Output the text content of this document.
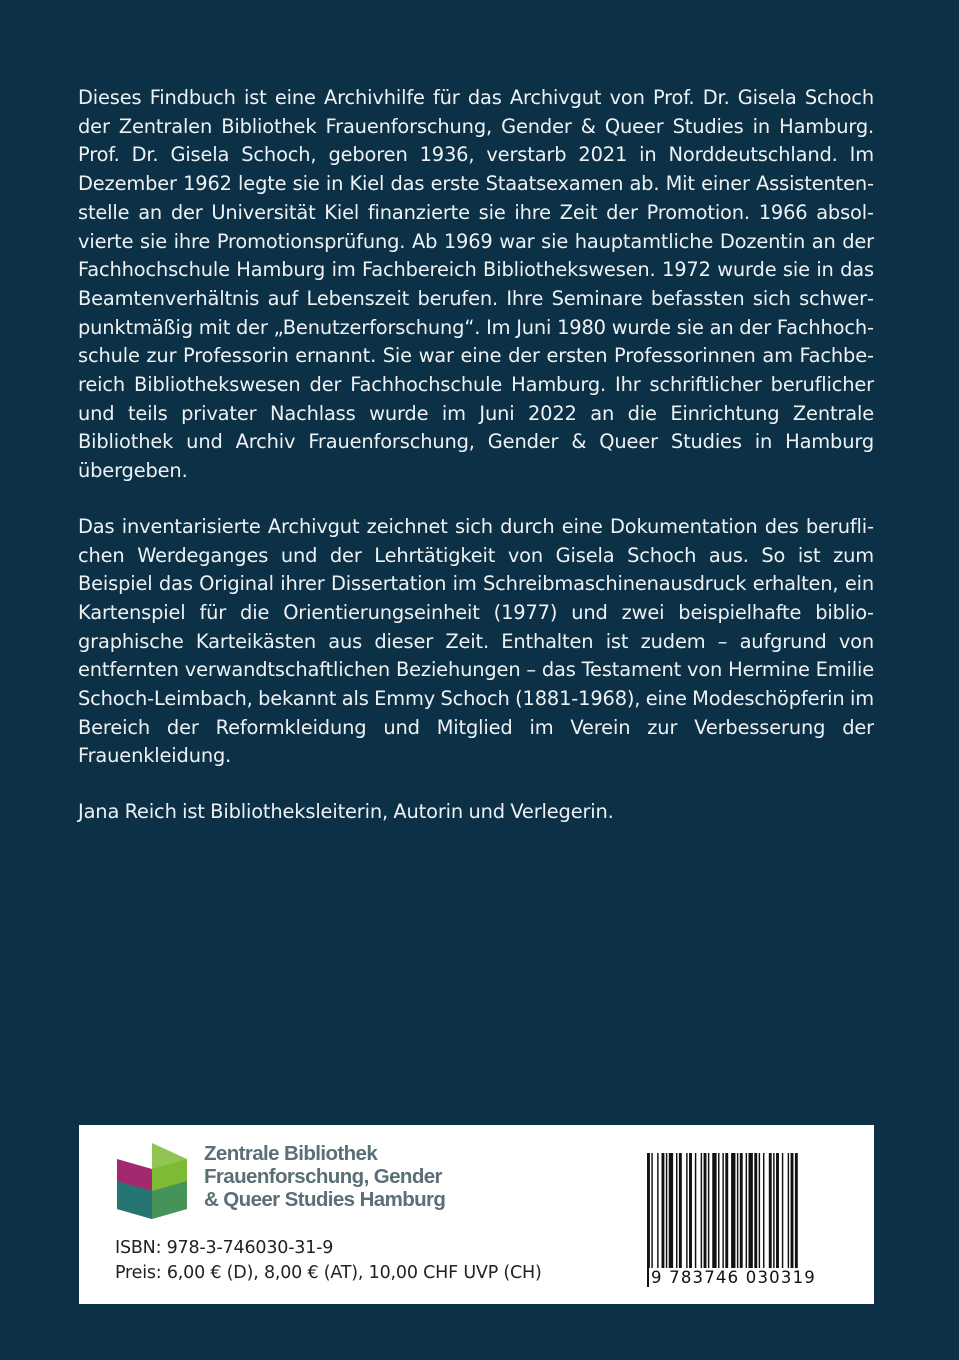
Dieses Findbuch ist eine Archivhilfe für das Archivgut von Prof. Dr. Gisela Schoch der Zentralen Bibliothek Frauenforschung, Gender & Queer Studies in Hamburg. Prof. Dr. Gisela Schoch, geboren 1936, verstarb 2021 in Norddeutschland. Im Dezember 1962 legte sie in Kiel das erste Staatsexamen ab. Mit einer Assistentenstelle an der Universität Kiel finanzierte sie ihre Zeit der Promotion. 1966 absolvierte sie ihre Promotionsprüfung. Ab 1969 war sie hauptamtliche Dozentin an der Fachhochschule Hamburg im Fachbereich Bibliothekswesen. 1972 wurde sie in das Beamtenverhältnis auf Lebenszeit berufen. Ihre Seminare befassten sich schwerpunktmäßig mit der „Benutzerforschung“. Im Juni 1980 wurde sie an der Fachhochschule zur Professorin ernannt. Sie war eine der ersten Professorinnen am Fachbereich Bibliothekswesen der Fachhochschule Hamburg. Ihr schriftlicher beruflicher und teils privater Nachlass wurde im Juni 2022 an die Einrichtung Zentrale Bibliothek und Archiv Frauenforschung, Gender & Queer Studies in Hamburg übergeben.

Das inventarisierte Archivgut zeichnet sich durch eine Dokumentation des beruflichen Werdeganges und der Lehrtätigkeit von Gisela Schoch aus. So ist zum Beispiel das Original ihrer Dissertation im Schreibmaschinenausdruck erhalten, ein Kartenspiel für die Orientierungseinheit (1977) und zwei beispielhafte bibliographische Karteikästen aus dieser Zeit. Enthalten ist zudem – aufgrund von entfernten verwandtschaftlichen Beziehungen – das Testament von Hermine Emilie Schoch-Leimbach, bekannt als Emmy Schoch (1881-1968), eine Modeschöpferin im Bereich der Reformkleidung und Mitglied im Verein zur Verbesserung der Frauenkleidung.

Jana Reich ist Bibliotheksleiterin, Autorin und Verlegerin.

Zentrale Bibliothek
Frauenforschung, Gender
& Queer Studies Hamburg
ISBN: 978-3-746030-31-9
Preis: 6,00 € (D), 8,00 € (AT), 10,00 CHF UVP (CH)	9 783746 030319
